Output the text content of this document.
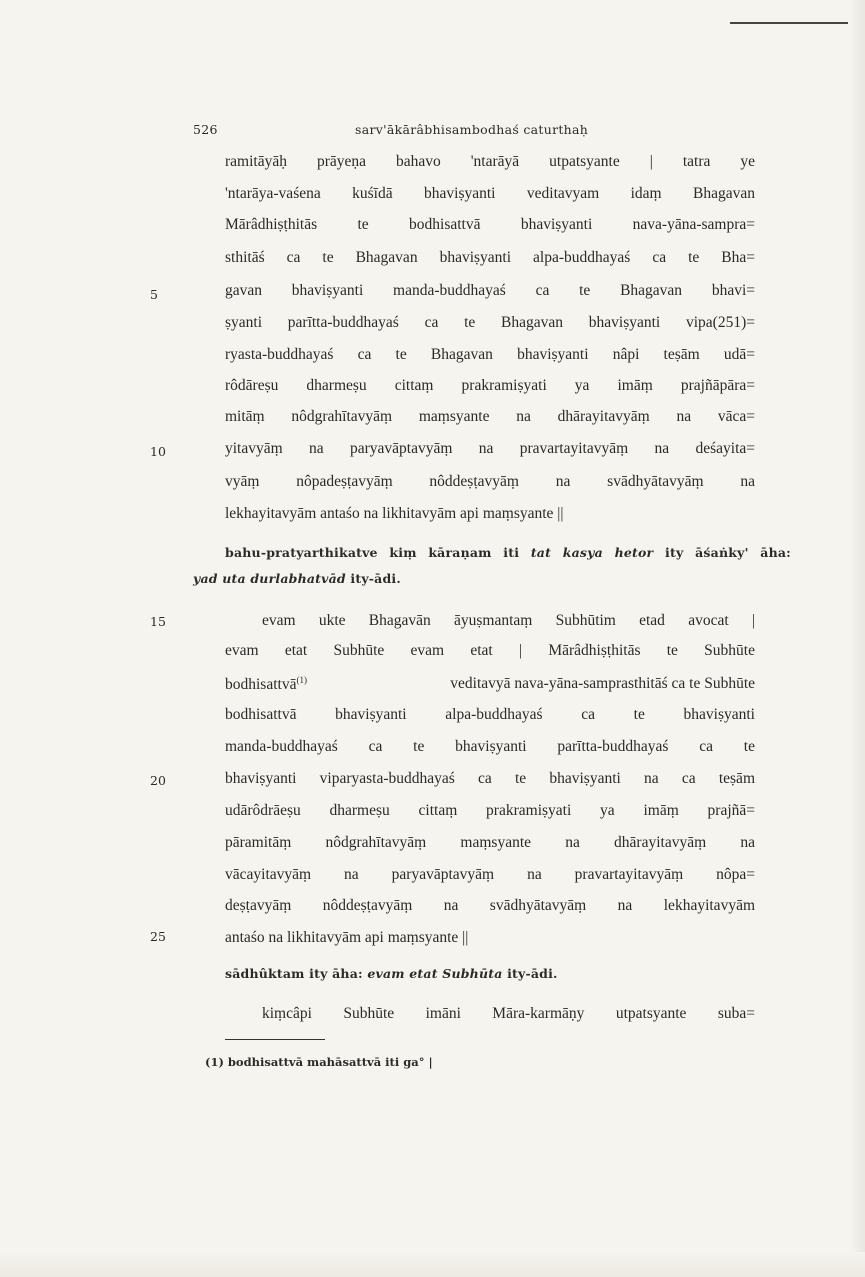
526	sarv'ākārâbhisambodhaś caturthaḥ
5
10
15
20
25
ramitāyāḥ prāyeṇa bahavo 'ntarāyā utpatsyante | tatra ye
'ntarāya-vaśena kuśīdā bhaviṣyanti veditavyam idaṃ Bhagavan
Mārâdhiṣṭhitās te bodhisattvā bhaviṣyanti nava-yāna-sampra=
sthitāś ca te Bhagavan bhaviṣyanti alpa-buddhayaś ca te Bha=
gavan bhaviṣyanti manda-buddhayaś ca te Bhagavan bhavi=
ṣyanti parītta-buddhayaś ca te Bhagavan bhaviṣyanti vipa(251)=
ryasta-buddhayaś ca te Bhagavan bhaviṣyanti nâpi teṣām udā=
rôdāreṣu dharmeṣu cittaṃ prakramiṣyati ya imāṃ prajñāpāra=
mitāṃ nôdgrahītavyāṃ maṃsyante na dhārayitavyāṃ na vāca=
yitavyāṃ na paryavāptavyāṃ na pravartayitavyāṃ na deśayita=
vyāṃ nôpadeṣṭavyāṃ nôddeṣṭavyāṃ na svādhyātavyāṃ na
lekhayitavyām antaśo na likhitavyām api maṃsyante ||
bahu-pratyarthikatve kiṃ kāraṇam iti tat kasya hetor ity āśaṅky' āha:
yad uta durlabhatvād ity-ādi.
evam ukte Bhagavān āyuṣmantaṃ Subhūtim etad avocat |
evam etat Subhūte evam etat | Mārâdhiṣṭhitās te Subhūte
bodhisattvā$^{(1)}$	veditavyā nava-yāna-samprasthitāś ca te Subhūte
bodhisattvā bhaviṣyanti alpa-buddhayaś ca te bhaviṣyanti
manda-buddhayaś ca te bhaviṣyanti parītta-buddhayaś ca te
bhaviṣyanti viparyasta-buddhayaś ca te bhaviṣyanti na ca teṣām
udārôdrāeṣu dharmeṣu cittaṃ prakramiṣyati ya imāṃ prajñā=
pāramitāṃ nôdgrahītavyāṃ maṃsyante na dhārayitavyāṃ na
vācayitavyāṃ na paryavāptavyāṃ na pravartayitavyāṃ nôpa=
deṣṭavyāṃ nôddeṣṭavyāṃ na svādhyātavyāṃ na lekhayitavyām
antaśo na likhitavyām api maṃsyante ||
sādhûktam ity āha: evam etat Subhūta ity-ādi.
kiṃcâpi Subhūte imāni Māra-karmāṇy utpatsyante suba=
(1) bodhisattvā mahāsattvā iti ga° |
